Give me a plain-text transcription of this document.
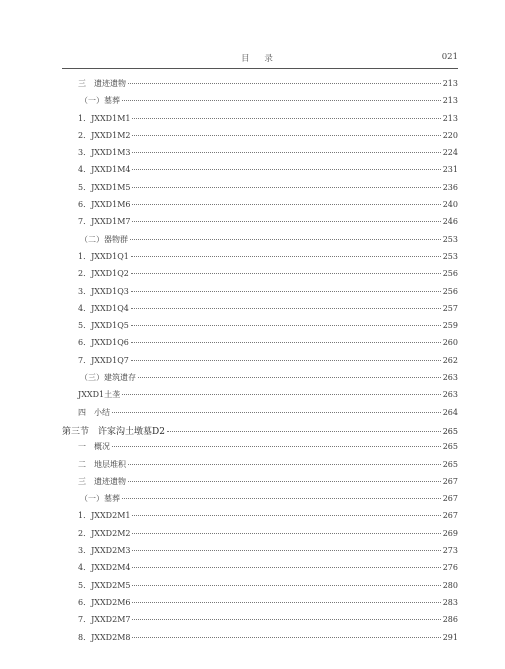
目 录	021
三　遗迹遗物	213
（一）墓葬	213
1．JXXD1M1	213
2．JXXD1M2	220
3．JXXD1M3	224
4．JXXD1M4	231
5．JXXD1M5	236
6．JXXD1M6	240
7．JXXD1M7	246
（二）器物群	253
1．JXXD1Q1	253
2．JXXD1Q2	256
3．JXXD1Q3	256
4．JXXD1Q4	257
5．JXXD1Q5	259
6．JXXD1Q6	260
7．JXXD1Q7	262
（三）建筑遗存	263
JXXD1土垄	263
四　小结	264
第三节　许家沟土墩墓D2	265
一　概况	265
二　地层堆积	265
三　遗迹遗物	267
（一）墓葬	267
1．JXXD2M1	267
2．JXXD2M2	269
3．JXXD2M3	273
4．JXXD2M4	276
5．JXXD2M5	280
6．JXXD2M6	283
7．JXXD2M7	286
8．JXXD2M8	291
